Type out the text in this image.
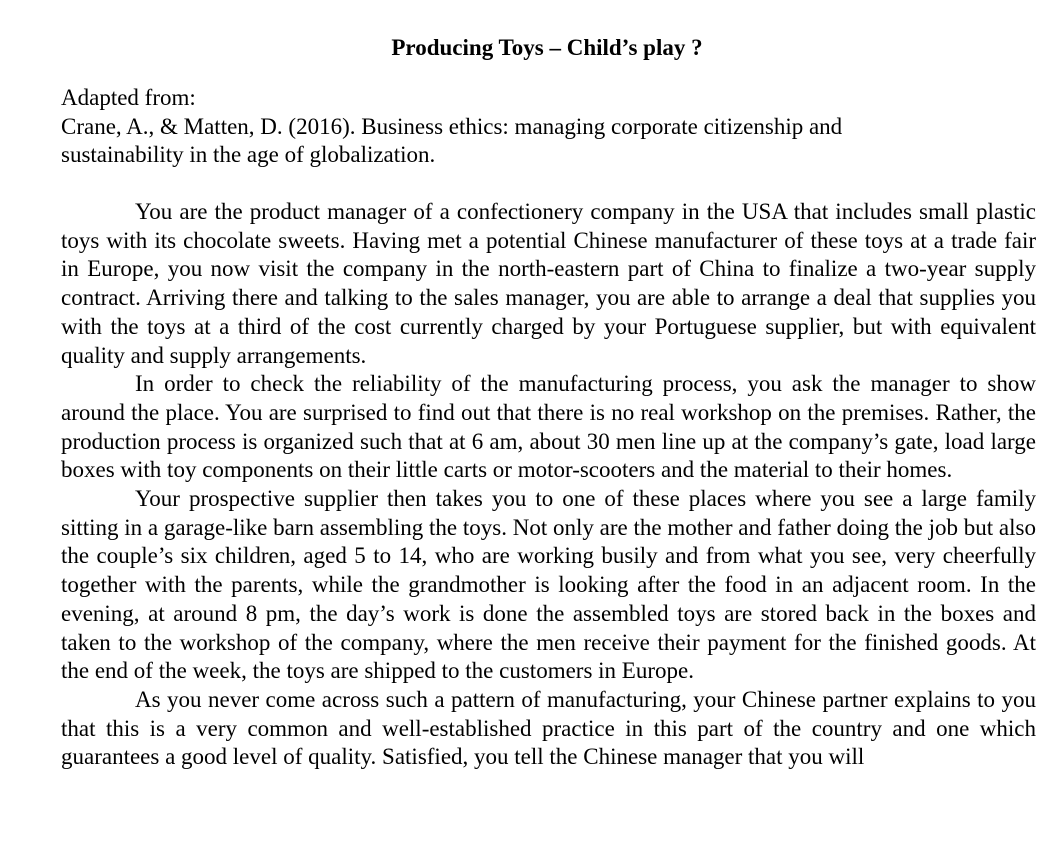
Producing Toys – Child’s play ?

Adapted from:

Crane, A., & Matten, D. (2016). Business ethics: managing corporate citizenship and sustainability in the age of globalization.

You are the product manager of a confectionery company in the USA that includes small plastic toys with its chocolate sweets. Having met a potential Chinese manufacturer of these toys at a trade fair in Europe, you now visit the company in the north-eastern part of China to finalize a two-year supply contract. Arriving there and talking to the sales manager, you are able to arrange a deal that supplies you with the toys at a third of the cost currently charged by your Portuguese supplier, but with equivalent quality and supply arrangements.

In order to check the reliability of the manufacturing process, you ask the manager to show around the place. You are surprised to find out that there is no real workshop on the premises. Rather, the production process is organized such that at 6 am, about 30 men line up at the company’s gate, load large boxes with toy components on their little carts or motor-scooters and the material to their homes.

Your prospective supplier then takes you to one of these places where you see a large family sitting in a garage-like barn assembling the toys. Not only are the mother and father doing the job but also the couple’s six children, aged 5 to 14, who are working busily and from what you see, very cheerfully together with the parents, while the grandmother is looking after the food in an adjacent room. In the evening, at around 8 pm, the day’s work is done the assembled toys are stored back in the boxes and taken to the workshop of the company, where the men receive their payment for the finished goods. At the end of the week, the toys are shipped to the customers in Europe.

As you never come across such a pattern of manufacturing, your Chinese partner explains to you that this is a very common and well-established practice in this part of the country and one which guarantees a good level of quality. Satisfied, you tell the Chinese manager that you will
